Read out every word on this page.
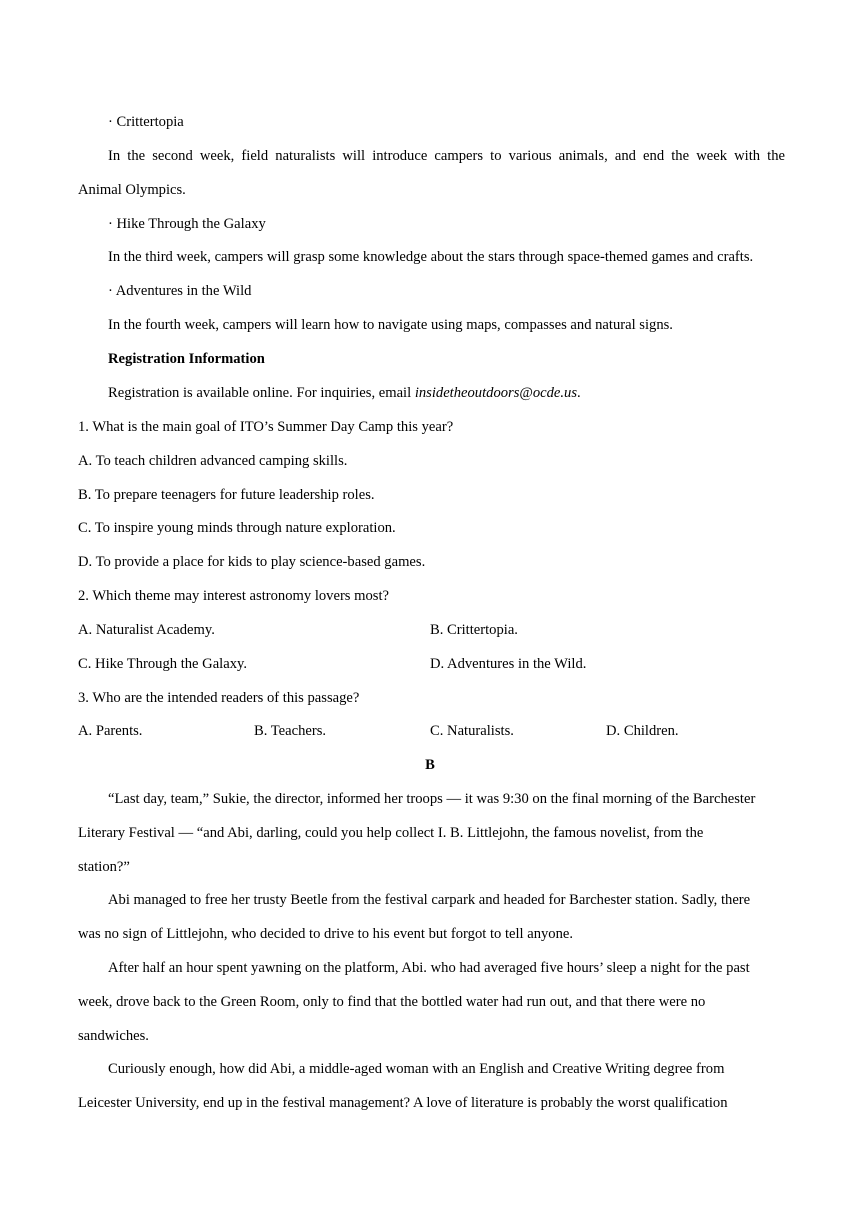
· Crittertopia
In the second week, field naturalists will introduce campers to various animals, and end the week with the
Animal Olympics.
· Hike Through the Galaxy
In the third week, campers will grasp some knowledge about the stars through space-themed games and crafts.
· Adventures in the Wild
In the fourth week, campers will learn how to navigate using maps, compasses and natural signs.
Registration Information
Registration is available online. For inquiries, email insidetheoutdoors@ocde.us.
1. What is the main goal of ITO’s Summer Day Camp this year?
A. To teach children advanced camping skills.
B. To prepare teenagers for future leadership roles.
C. To inspire young minds through nature exploration.
D. To provide a place for kids to play science-based games.
2. Which theme may interest astronomy lovers most?
A. Naturalist Academy.	B. Crittertopia.
C. Hike Through the Galaxy.	D. Adventures in the Wild.
3. Who are the intended readers of this passage?
A. Parents.	B. Teachers.	C. Naturalists.	D. Children.
B
“Last day, team,” Sukie, the director, informed her troops — it was 9:30 on the final morning of the Barchester
Literary Festival — “and Abi, darling, could you help collect I. B. Littlejohn, the famous novelist, from the
station?”
Abi managed to free her trusty Beetle from the festival carpark and headed for Barchester station. Sadly, there
was no sign of Littlejohn, who decided to drive to his event but forgot to tell anyone.
After half an hour spent yawning on the platform, Abi. who had averaged five hours’ sleep a night for the past
week, drove back to the Green Room, only to find that the bottled water had run out, and that there were no
sandwiches.
Curiously enough, how did Abi, a middle-aged woman with an English and Creative Writing degree from
Leicester University, end up in the festival management? A love of literature is probably the worst qualification
